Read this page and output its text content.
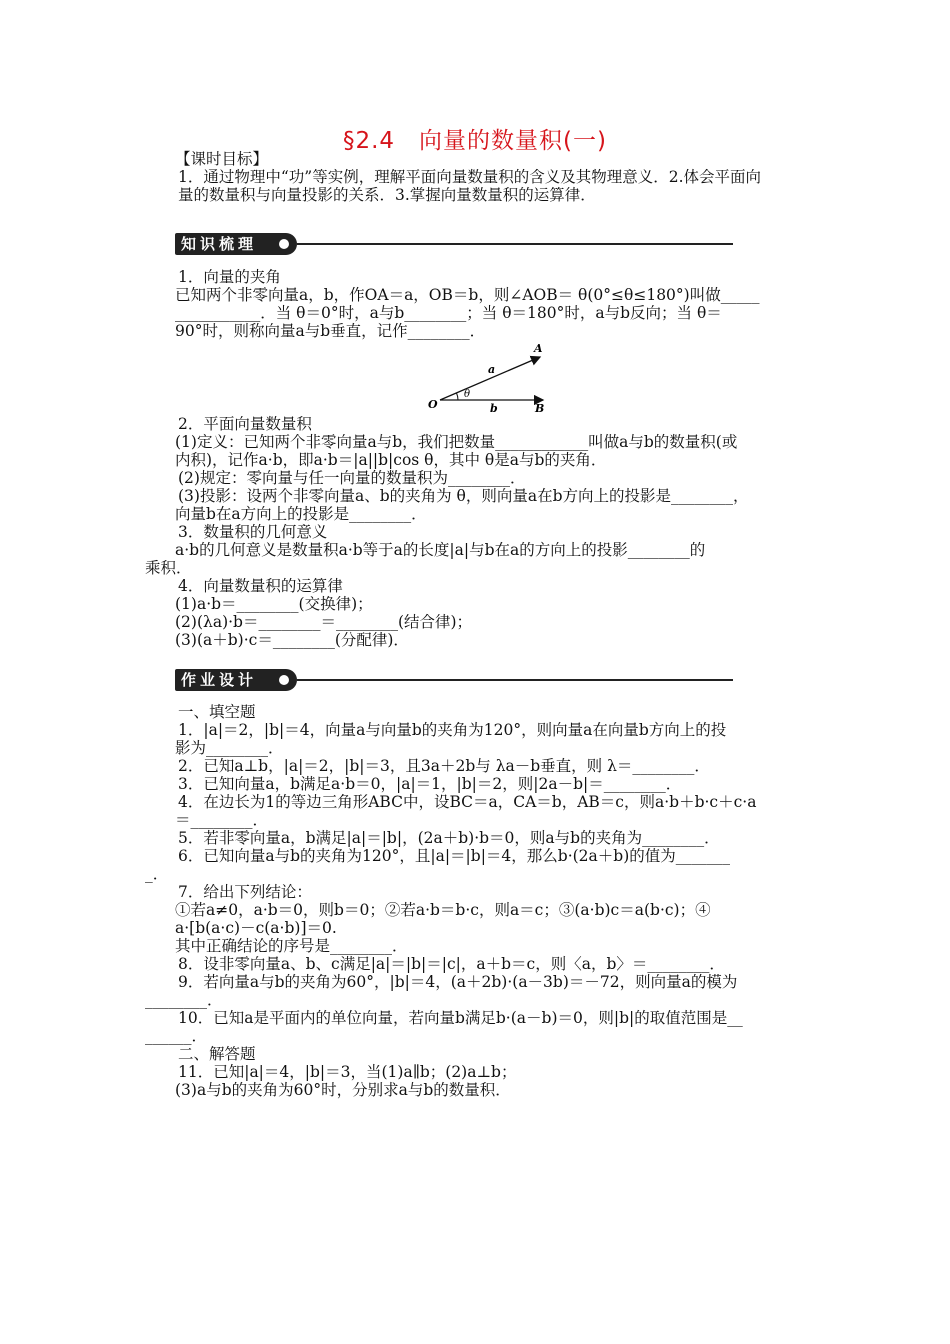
§2.4　向量的数量积(一)
【课时目标】
1．通过物理中“功”等实例，理解平面向量数量积的含义及其物理意义．2.体会平面向
量的数量积与向量投影的关系．3.掌握向量数量积的运算律．
知识梳理
1．向量的夹角
已知两个非零向量a，b，作OA＝a，OB＝b，则∠AOB＝ θ(0°≤θ≤180°)叫做_____
___________．当 θ＝0°时，a与b________；当 θ＝180°时，a与b反向；当 θ＝
90°时，则称向量a与b垂直，记作________．
A
B
O
a
b
θ
2．平面向量数量积
(1)定义：已知两个非零向量a与b，我们把数量____________叫做a与b的数量积(或
内积)，记作a·b，即a·b＝|a||b|cos θ，其中 θ是a与b的夹角．
(2)规定：零向量与任一向量的数量积为________．
(3)投影：设两个非零向量a、b的夹角为 θ，则向量a在b方向上的投影是________，
向量b在a方向上的投影是________．
3．数量积的几何意义
a·b的几何意义是数量积a·b等于a的长度|a|与b在a的方向上的投影________的
乘积．
4．向量数量积的运算律
(1)a·b＝________(交换律)；
(2)(λa)·b＝________＝________(结合律)；
(3)(a＋b)·c＝________(分配律)．
作业设计
一、填空题
1．|a|＝2，|b|＝4，向量a与向量b的夹角为120°，则向量a在向量b方向上的投
影为________．
2．已知a⊥b，|a|＝2，|b|＝3，且3a＋2b与 λa－b垂直，则 λ＝________．
3．已知向量a，b满足a·b＝0，|a|＝1，|b|＝2，则|2a－b|＝________．
4．在边长为1的等边三角形ABC中，设BC＝a，CA＝b，AB＝c，则a·b＋b·c＋c·a
＝________．
5．若非零向量a，b满足|a|＝|b|，(2a＋b)·b＝0，则a与b的夹角为________．
6．已知向量a与b的夹角为120°，且|a|＝|b|＝4，那么b·(2a＋b)的值为_______
_．
7．给出下列结论：
①若a≠0，a·b＝0，则b＝0；②若a·b＝b·c，则a＝c；③(a·b)c＝a(b·c)；④
a·[b(a·c)－c(a·b)]＝0.
其中正确结论的序号是________．
8．设非零向量a、b、c满足|a|＝|b|＝|c|，a＋b＝c，则〈a，b〉＝________．
9．若向量a与b的夹角为60°，|b|＝4，(a＋2b)·(a－3b)＝－72，则向量a的模为
________．
10．已知a是平面内的单位向量，若向量b满足b·(a－b)＝0，则|b|的取值范围是__
______．
二、解答题
11．已知|a|＝4，|b|＝3，当(1)a∥b；(2)a⊥b；
(3)a与b的夹角为60°时，分别求a与b的数量积．
